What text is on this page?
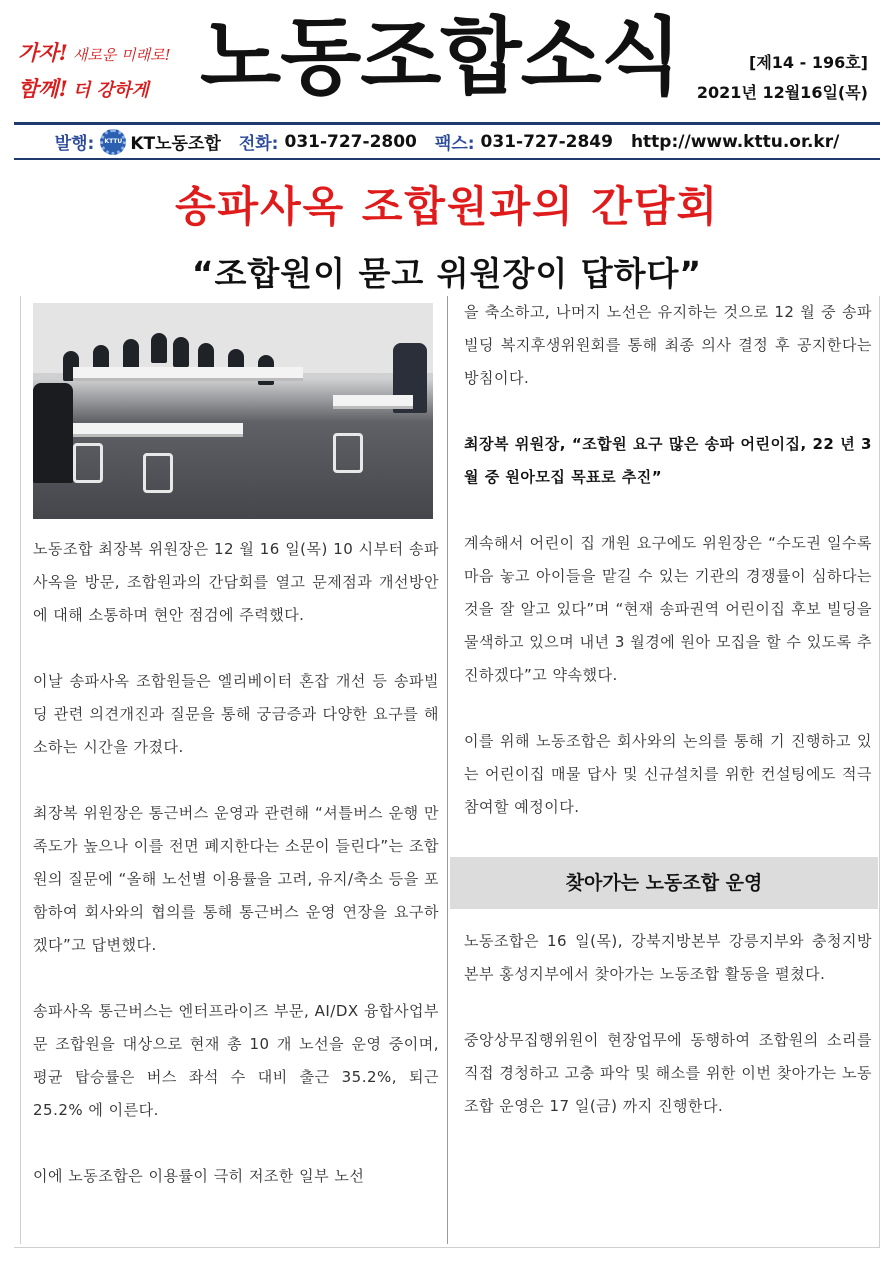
가자! 새로운 미래로!
함께! 더 강하게 노동조합소식	[제14 - 196호]
2021년 12월16일(목)
발행:	KTTU KT노동조합 전화: 031-727-2800 팩스: 031-727-2849 http://www.kttu.or.kr/
송파사옥 조합원과의 간담회
“조합원이 묻고 위원장이 답하다”

노동조합 최장복 위원장은 12 월 16 일(목) 10 시부터 송파사옥을 방문, 조합원과의 간담회를 열고 문제점과 개선방안에 대해 소통하며 현안 점검에 주력했다.

이날 송파사옥 조합원들은 엘리베이터 혼잡 개선 등 송파빌딩 관련 의견개진과 질문을 통해 궁금증과 다양한 요구를 해소하는 시간을 가졌다.

최장복 위원장은 통근버스 운영과 관련해 “셔틀버스 운행 만족도가 높으나 이를 전면 폐지한다는 소문이 들린다”는 조합원의 질문에 “올해 노선별 이용률을 고려, 유지/축소 등을 포함하여 회사와의 협의를 통해 통근버스 운영 연장을 요구하겠다”고 답변했다.

송파사옥 통근버스는 엔터프라이즈 부문, AI/DX 융합사업부문 조합원을 대상으로 현재 총 10 개 노선을 운영 중이며, 평균 탑승률은 버스 좌석 수 대비 출근 35.2%, 퇴근 25.2% 에 이른다.

이에 노동조합은 이용률이 극히 저조한 일부 노선

을 축소하고, 나머지 노선은 유지하는 것으로 12 월 중 송파빌딩 복지후생위원회를 통해 최종 의사 결정 후 공지한다는 방침이다.

최장복 위원장, “조합원 요구 많은 송파 어린이집, 22 년 3 월 중 원아모집 목표로 추진”

계속해서 어린이 집 개원 요구에도 위원장은 “수도권 일수록 마음 놓고 아이들을 맡길 수 있는 기관의 경쟁률이 심하다는 것을 잘 알고 있다”며 “현재 송파권역 어린이집 후보 빌딩을 물색하고 있으며 내년 3 월경에 원아 모집을 할 수 있도록 추진하겠다”고 약속했다.

이를 위해 노동조합은 회사와의 논의를 통해 기 진행하고 있는 어린이집 매물 답사 및 신규설치를 위한 컨설팅에도 적극 참여할 예정이다.

찾아가는 노동조합 운영

노동조합은 16 일(목), 강북지방본부 강릉지부와 충청지방본부 홍성지부에서 찾아가는 노동조합 활동을 펼쳤다.

중앙상무집행위원이 현장업무에 동행하여 조합원의 소리를 직접 경청하고 고충 파악 및 해소를 위한 이번 찾아가는 노동조합 운영은 17 일(금) 까지 진행한다.
